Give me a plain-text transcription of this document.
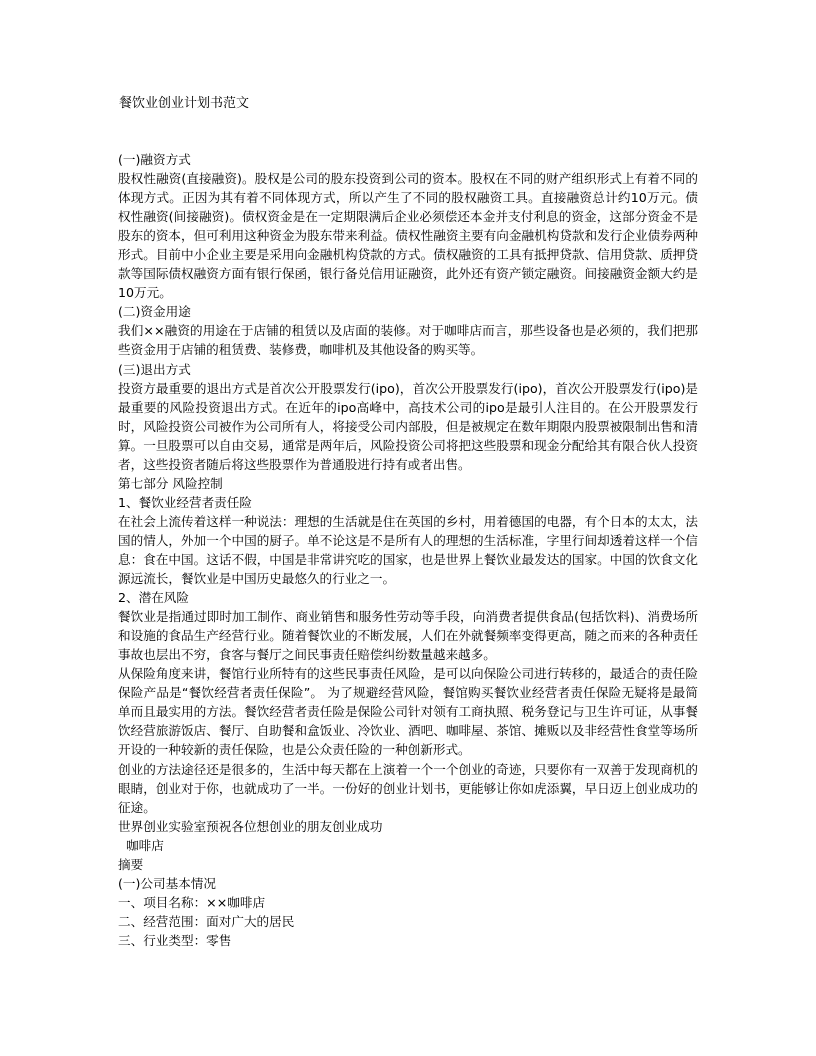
餐饮业创业计划书范文

(一)融资方式

股权性融资(直接融资)。股权是公司的股东投资到公司的资本。股权在不同的财产组织形式上有着不同的体现方式。正因为其有着不同体现方式，所以产生了不同的股权融资工具。直接融资总计约10万元。债权性融资(间接融资)。债权资金是在一定期限满后企业必须偿还本金并支付利息的资金，这部分资金不是股东的资本，但可利用这种资金为股东带来利益。债权性融资主要有向金融机构贷款和发行企业债券两种形式。目前中小企业主要是采用向金融机构贷款的方式。债权融资的工具有抵押贷款、信用贷款、质押贷款等国际债权融资方面有银行保函，银行备兑信用证融资，此外还有资产锁定融资。间接融资金额大约是10万元。

(二)资金用途

我们××融资的用途在于店铺的租赁以及店面的装修。对于咖啡店而言，那些设备也是必须的，我们把那些资金用于店铺的租赁费、装修费，咖啡机及其他设备的购买等。

(三)退出方式

投资方最重要的退出方式是首次公开股票发行(ipo)，首次公开股票发行(ipo)，首次公开股票发行(ipo)是最重要的风险投资退出方式。在近年的ipo高峰中，高技术公司的ipo是最引人注目的。在公开股票发行时，风险投资公司被作为公司所有人，将接受公司内部股，但是被规定在数年期限内股票被限制出售和清算。一旦股票可以自由交易，通常是两年后，风险投资公司将把这些股票和现金分配给其有限合伙人投资者，这些投资者随后将这些股票作为普通股进行持有或者出售。

第七部分 风险控制

1、餐饮业经营者责任险

在社会上流传着这样一种说法：理想的生活就是住在英国的乡村，用着德国的电器，有个日本的太太，法国的情人，外加一个中国的厨子。单不论这是不是所有人的理想的生活标准，字里行间却透着这样一个信息：食在中国。这话不假，中国是非常讲究吃的国家，也是世界上餐饮业最发达的国家。中国的饮食文化源远流长，餐饮业是中国历史最悠久的行业之一。

2、潜在风险

餐饮业是指通过即时加工制作、商业销售和服务性劳动等手段，向消费者提供食品(包括饮料)、消费场所和设施的食品生产经营行业。随着餐饮业的不断发展，人们在外就餐频率变得更高，随之而来的各种责任事故也层出不穷，食客与餐厅之间民事责任赔偿纠纷数量越来越多。

从保险角度来讲，餐馆行业所特有的这些民事责任风险，是可以向保险公司进行转移的，最适合的责任险保险产品是“餐饮经营者责任保险”。 为了规避经营风险，餐馆购买餐饮业经营者责任保险无疑将是最简单而且最实用的方法。餐饮经营者责任险是保险公司针对领有工商执照、税务登记与卫生许可证，从事餐饮经营旅游饭店、餐厅、自助餐和盒饭业、冷饮业、酒吧、咖啡屋、茶馆、摊贩以及非经营性食堂等场所开设的一种较新的责任保险，也是公众责任险的一种创新形式。

创业的方法途径还是很多的，生活中每天都在上演着一个一个创业的奇迹，只要你有一双善于发现商机的眼睛，创业对于你，也就成功了一半。一份好的创业计划书，更能够让你如虎添翼，早日迈上创业成功的征途。

世界创业实验室预祝各位想创业的朋友创业成功

咖啡店

摘要

(一)公司基本情况

一、项目名称：××咖啡店

二、经营范围：面对广大的居民

三、行业类型：零售
